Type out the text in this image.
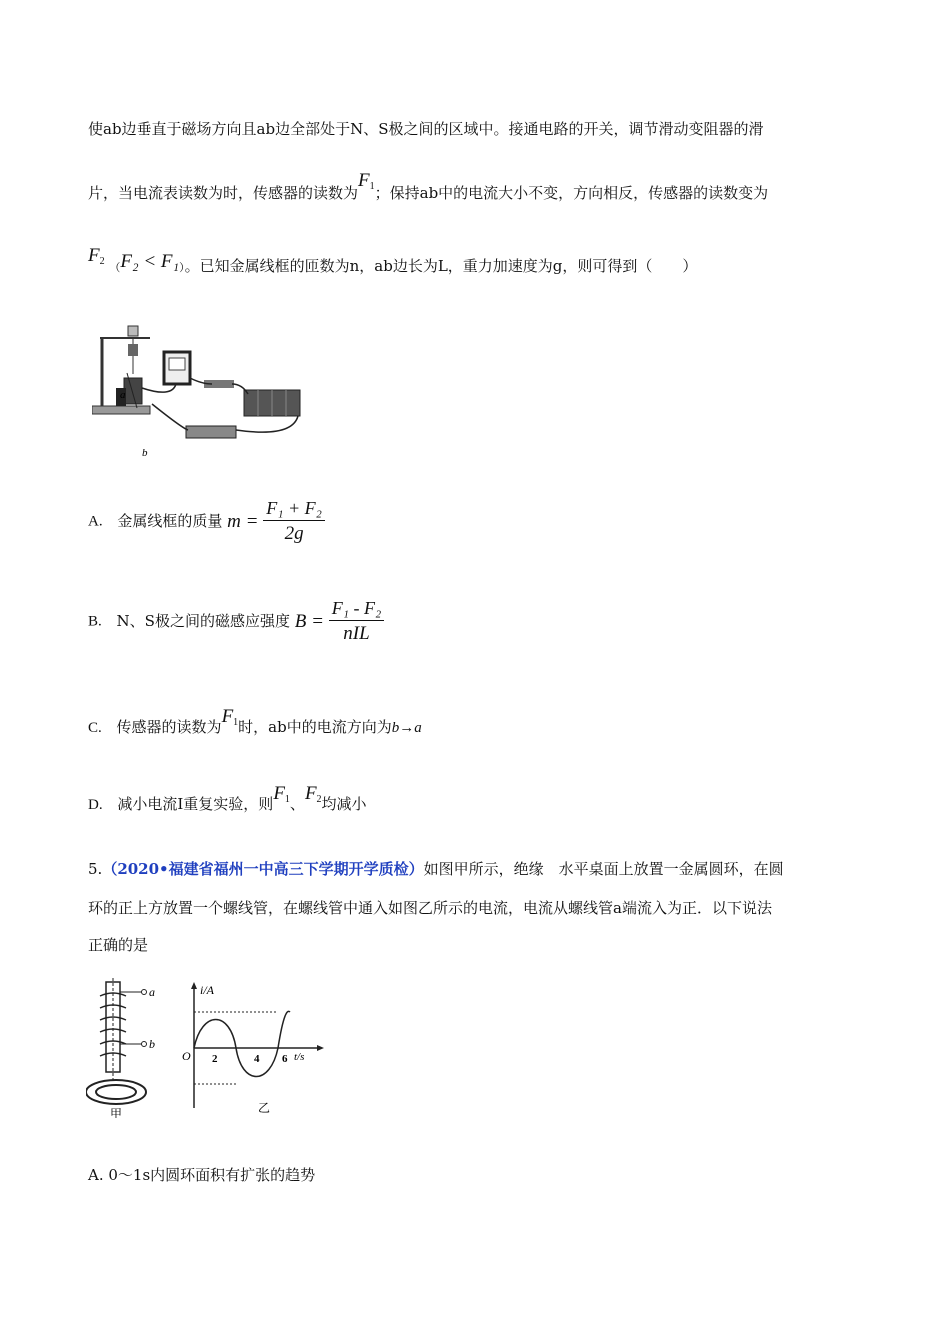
使ab边垂直于磁场方向且ab边全部处于N、S极之间的区域中。接通电路的开关，调节滑动变阻器的滑
片，当电流表读数为时，传感器的读数为$F_1$；保持ab中的电流大小不变，方向相反，传感器的读数变为
$F_2$ （F₂ < F₁）。已知金属线框的匝数为n，ab边长为L，重力加速度为g，则可得到（　　）
a
b
A. 金属线框的质量 $m = \frac{\text{F₁ + F₂}}{2g}$
B. N、S极之间的磁感应强度 $B = \frac{\text{F₁ - F₂}}{\text{nIL}}$
C. 传感器的读数为$F_1$时，ab中的电流方向为b→a
D. 减小电流I重复实验，则$F_1$、$F_2$均减小
5.（2020•福建省福州一中高三下学期开学质检）如图甲所示，绝缘　水平桌面上放置一金属圆环，在圆
环的正上方放置一个螺线管，在螺线管中通入如图乙所示的电流，电流从螺线管a端流入为正．以下说法
正确的是
a
b
甲
i/A
O	t/s
2	4 6
乙
A. 0～1s内圆环面积有扩张的趋势
